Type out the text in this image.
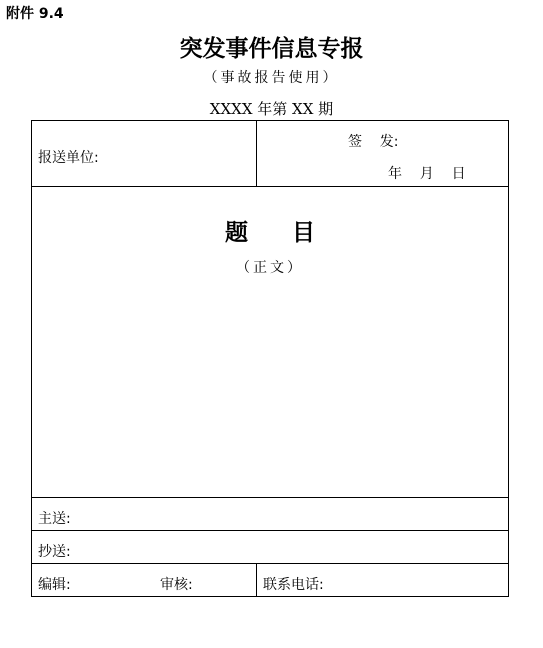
附件 9.4
突发事件信息专报
（事故报告使用）
XXXX 年第 XX 期
报送单位:
签    发:
年    月    日
题 目
（正文）
主送:
抄送:
编辑:	审核:	联系电话:
